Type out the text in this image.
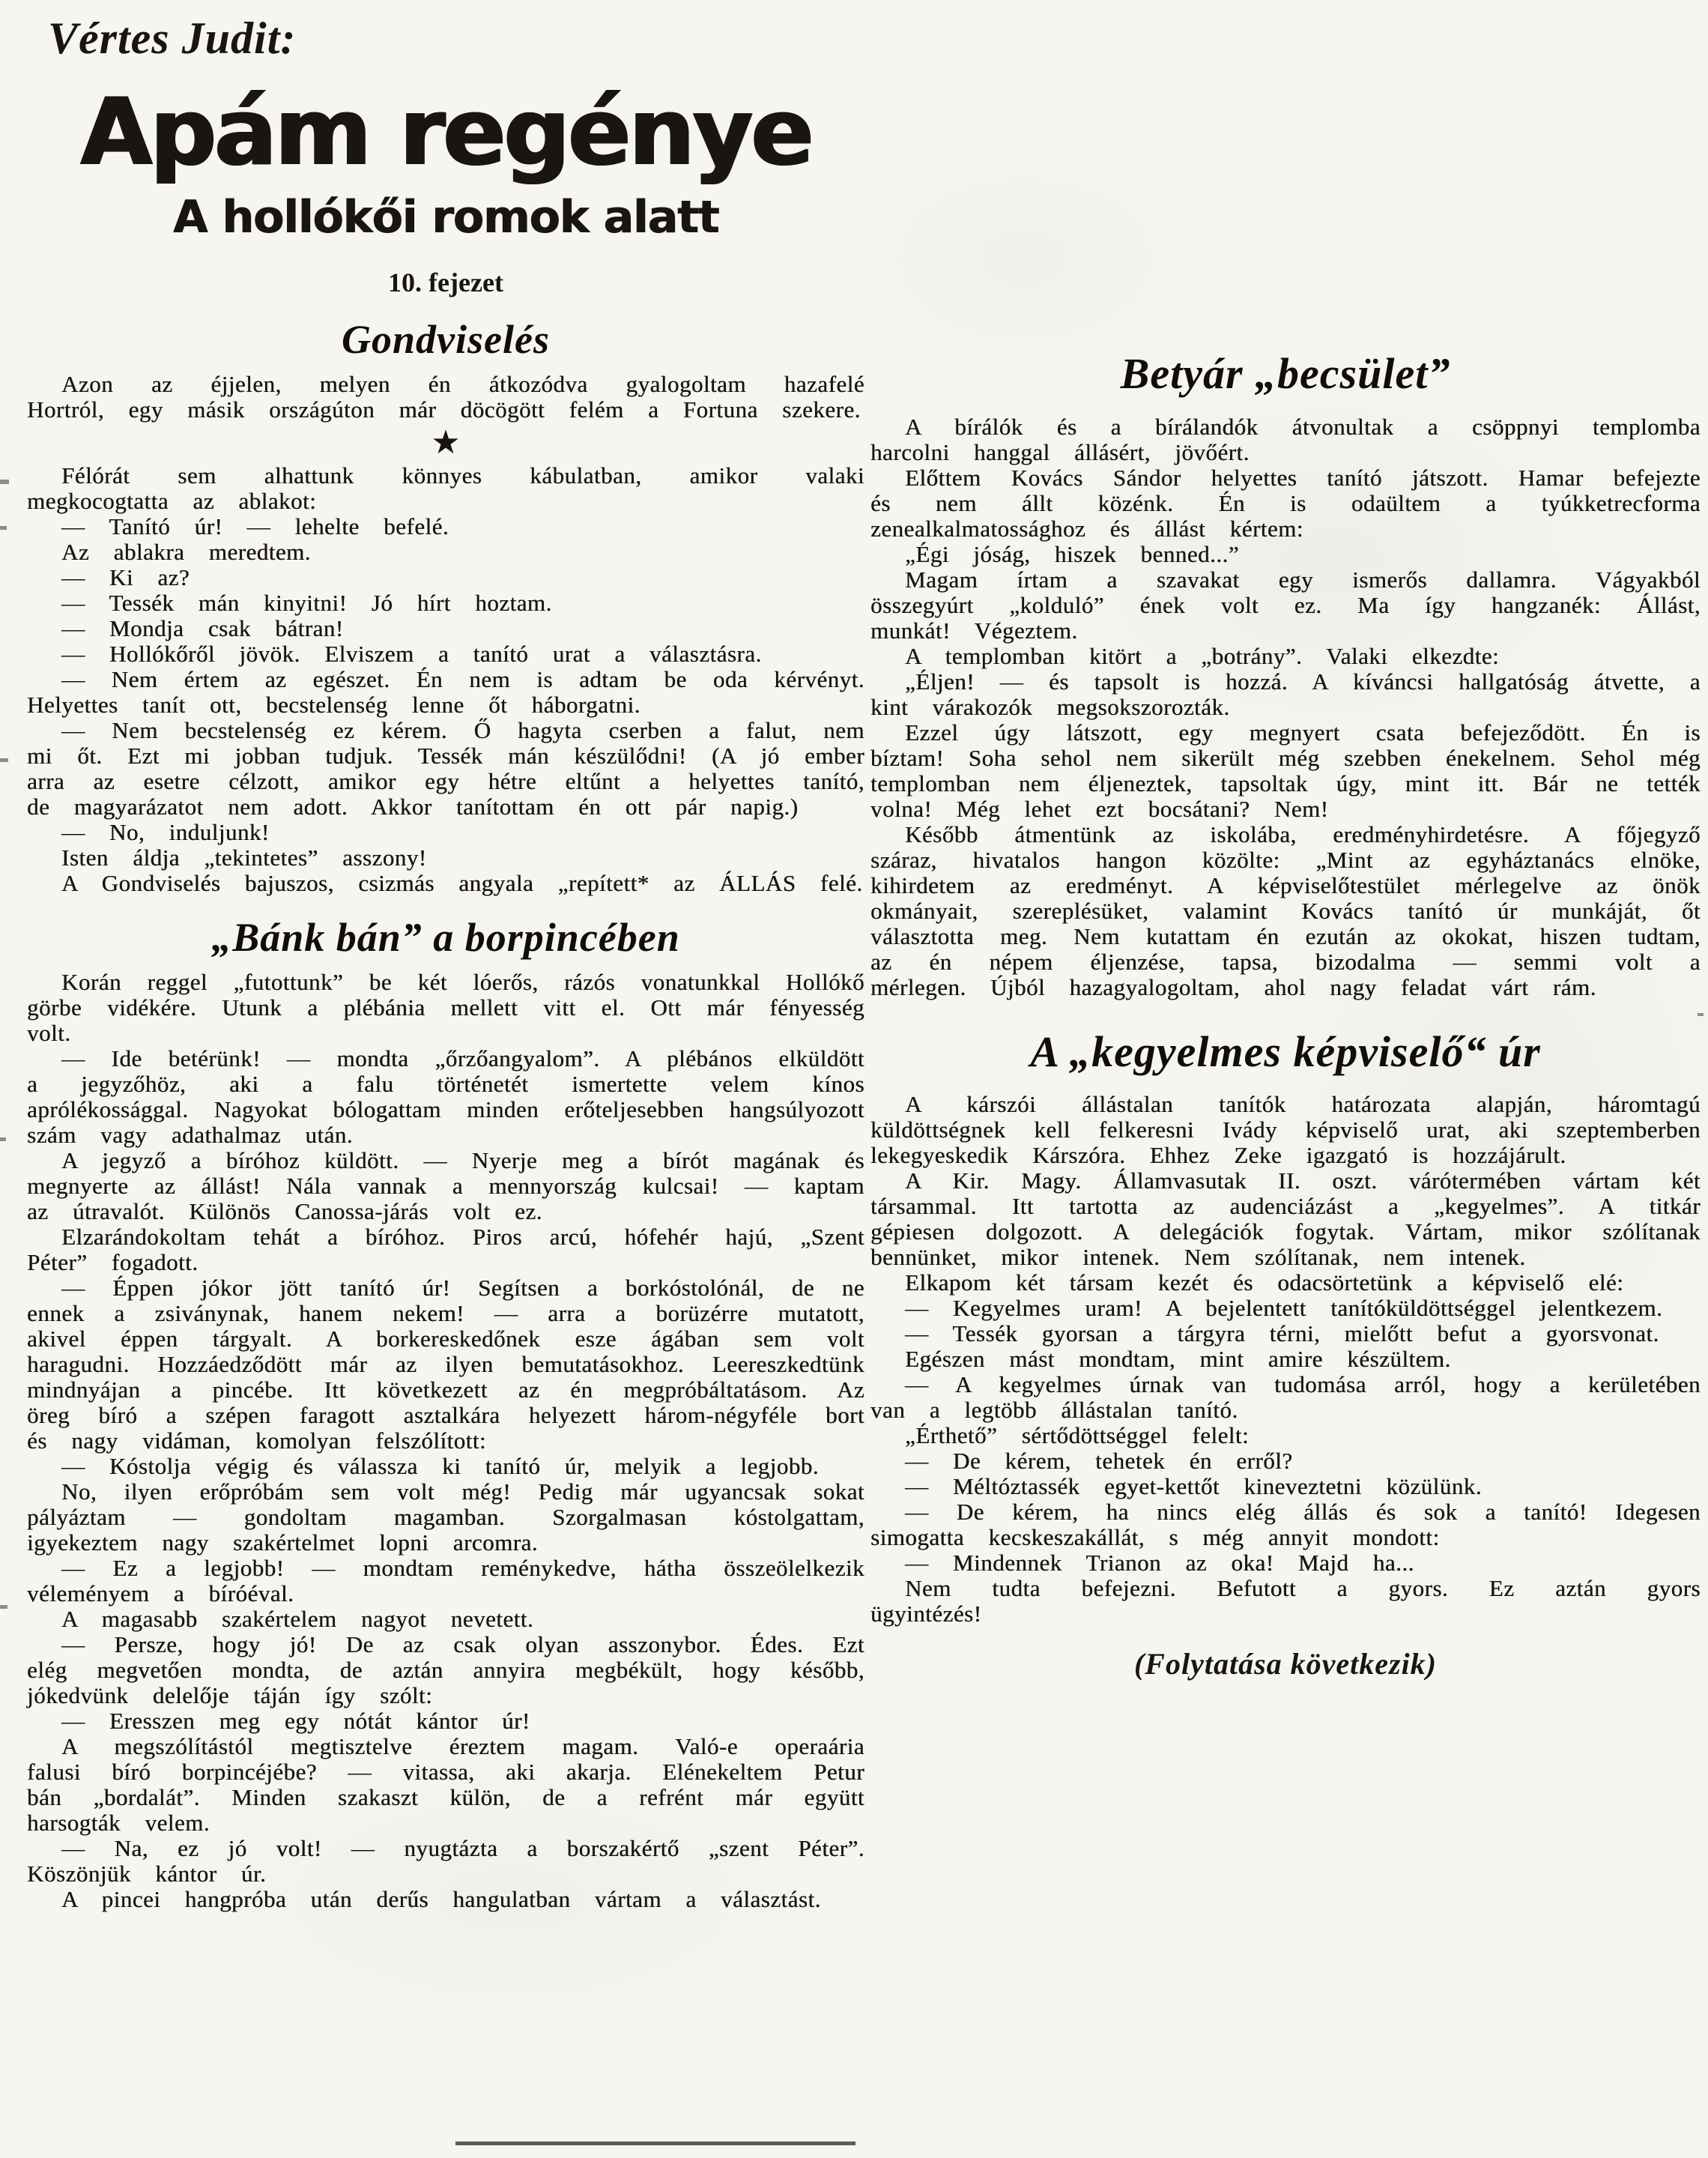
Vértes Judit:
Apám regénye
A hollókői romok alatt
10. fejezet
Gondviselés

Azon az éjjelen, melyen én átkozódva gyalogoltam hazafelé Hortról, egy másik országúton már döcögött felém a Fortuna szekere.

★

Félórát sem alhattunk könnyes kábulatban, amikor valaki megkocogtatta az ablakot:

— Tanító úr! — lehelte befelé.

Az ablakra meredtem.

— Ki az?

— Tessék mán kinyitni! Jó hírt hoztam.

— Mondja csak bátran!

— Hollókőről jövök. Elviszem a tanító urat a választásra.

— Nem értem az egészet. Én nem is adtam be oda kérvényt. Helyettes tanít ott, becstelenség lenne őt háborgatni.

— Nem becstelenség ez kérem. Ő hagyta cserben a falut, nem mi őt. Ezt mi jobban tudjuk. Tessék mán készülődni! (A jó ember arra az esetre célzott, amikor egy hétre eltűnt a helyettes tanító, de magyarázatot nem adott. Akkor tanítottam én ott pár napig.)

— No, induljunk!

Isten áldja „tekintetes” asszony!

A Gondviselés bajuszos, csizmás angyala „repített* az ÁLLÁS felé.

„Bánk bán” a borpincében

Korán reggel „futottunk” be két lóerős, rázós vonatunkkal Hollókő görbe vidékére. Utunk a plébánia mellett vitt el. Ott már fényesség volt.

— Ide betérünk! — mondta „őrzőangyalom”. A plébános elküldött a jegyzőhöz, aki a falu történetét ismertette velem kínos aprólékossággal. Nagyokat bólogattam minden erőteljesebben hangsúlyozott szám vagy adathalmaz után.

A jegyző a bíróhoz küldött. — Nyerje meg a bírót magának és megnyerte az állást! Nála vannak a mennyország kulcsai! — kaptam az útravalót. Különös Canossa-járás volt ez.

Elzarándokoltam tehát a bíróhoz. Piros arcú, hófehér hajú, „Szent Péter” fogadott.

— Éppen jókor jött tanító úr! Segítsen a borkóstolónál, de ne ennek a zsiványnak, hanem nekem! — arra a borüzérre mutatott, akivel éppen tárgyalt. A borkereskedőnek esze ágában sem volt haragudni. Hozzáedződött már az ilyen bemutatásokhoz. Leereszkedtünk mindnyájan a pincébe. Itt következett az én megpróbáltatásom. Az öreg bíró a szépen faragott asztalkára helyezett három-négyféle bort és nagy vidáman, komolyan felszólított:

— Kóstolja végig és válassza ki tanító úr, melyik a legjobb.

No, ilyen erőpróbám sem volt még! Pedig már ugyancsak sokat pályáztam — gondoltam magamban. Szorgalmasan kóstolgattam, igyekeztem nagy szakértelmet lopni arcomra.

— Ez a legjobb! — mondtam reménykedve, hátha összeölelkezik véleményem a bíróéval.

A magasabb szakértelem nagyot nevetett.

— Persze, hogy jó! De az csak olyan asszonybor. Édes. Ezt elég megvetően mondta, de aztán annyira megbékült, hogy később, jókedvünk delelője táján így szólt:

— Eresszen meg egy nótát kántor úr!

A megszólítástól megtisztelve éreztem magam. Való-e operaária falusi bíró borpincéjébe? — vitassa, aki akarja. Elénekeltem Petur bán „bordalát”. Minden szakaszt külön, de a refrént már együtt harsogták velem.

— Na, ez jó volt! — nyugtázta a borszakértő „szent Péter”. Köszönjük kántor úr.

A pincei hangpróba után derűs hangulatban vártam a választást.

Betyár „becsület”

A bírálók és a bírálandók átvonultak a csöppnyi templomba harcolni hanggal állásért, jövőért.

Előttem Kovács Sándor helyettes tanító játszott. Hamar befejezte és nem állt közénk. Én is odaültem a tyúkketrecforma zenealkalmatossághoz és állást kértem:

„Égi jóság, hiszek benned...”

Magam írtam a szavakat egy ismerős dallamra. Vágyakból összegyúrt „kolduló” ének volt ez. Ma így hangzanék: Állást, munkát! Végeztem.

A templomban kitört a „botrány”. Valaki elkezdte:

„Éljen! — és tapsolt is hozzá. A kíváncsi hallgatóság átvette, a kint várakozók megsokszorozták.

Ezzel úgy látszott, egy megnyert csata befejeződött. Én is bíztam! Soha sehol nem sikerült még szebben énekelnem. Sehol még templomban nem éljeneztek, tapsoltak úgy, mint itt. Bár ne tették volna! Még lehet ezt bocsátani? Nem!

Később átmentünk az iskolába, eredményhirdetésre. A főjegyző száraz, hivatalos hangon közölte: „Mint az egyháztanács elnöke, kihirdetem az eredményt. A képviselőtestület mérlegelve az önök okmányait, szereplésüket, valamint Kovács tanító úr munkáját, őt választotta meg. Nem kutattam én ezután az okokat, hiszen tudtam, az én népem éljenzése, tapsa, bizodalma — semmi volt a mérlegen. Újból hazagyalogoltam, ahol nagy feladat várt rám.

A „kegyelmes képviselő“ úr

A kárszói állástalan tanítók határozata alapján, háromtagú küldöttségnek kell felkeresni Ivády képviselő urat, aki szeptemberben lekegyeskedik Kárszóra. Ehhez Zeke igazgató is hozzájárult.

A Kir. Magy. Államvasutak II. oszt. várótermében vártam két társammal. Itt tartotta az audenciázást a „kegyelmes”. A titkár gépiesen dolgozott. A delegációk fogytak. Vártam, mikor szólítanak bennünket, mikor intenek. Nem szólítanak, nem intenek.

Elkapom két társam kezét és odacsörtetünk a képviselő elé:

— Kegyelmes uram! A bejelentett tanítóküldöttséggel jelentkezem.

— Tessék gyorsan a tárgyra térni, mielőtt befut a gyorsvonat.

Egészen mást mondtam, mint amire készültem.

— A kegyelmes úrnak van tudomása arról, hogy a kerületében van a legtöbb állástalan tanító.

„Érthető” sértődöttséggel felelt:

— De kérem, tehetek én erről?

— Méltóztassék egyet-kettőt kineveztetni közülünk.

— De kérem, ha nincs elég állás és sok a tanító! Idegesen simogatta kecskeszakállát, s még annyit mondott:

— Mindennek Trianon az oka! Majd ha...

Nem tudta befejezni. Befutott a gyors. Ez aztán gyors ügyintézés!

(Folytatása következik)
